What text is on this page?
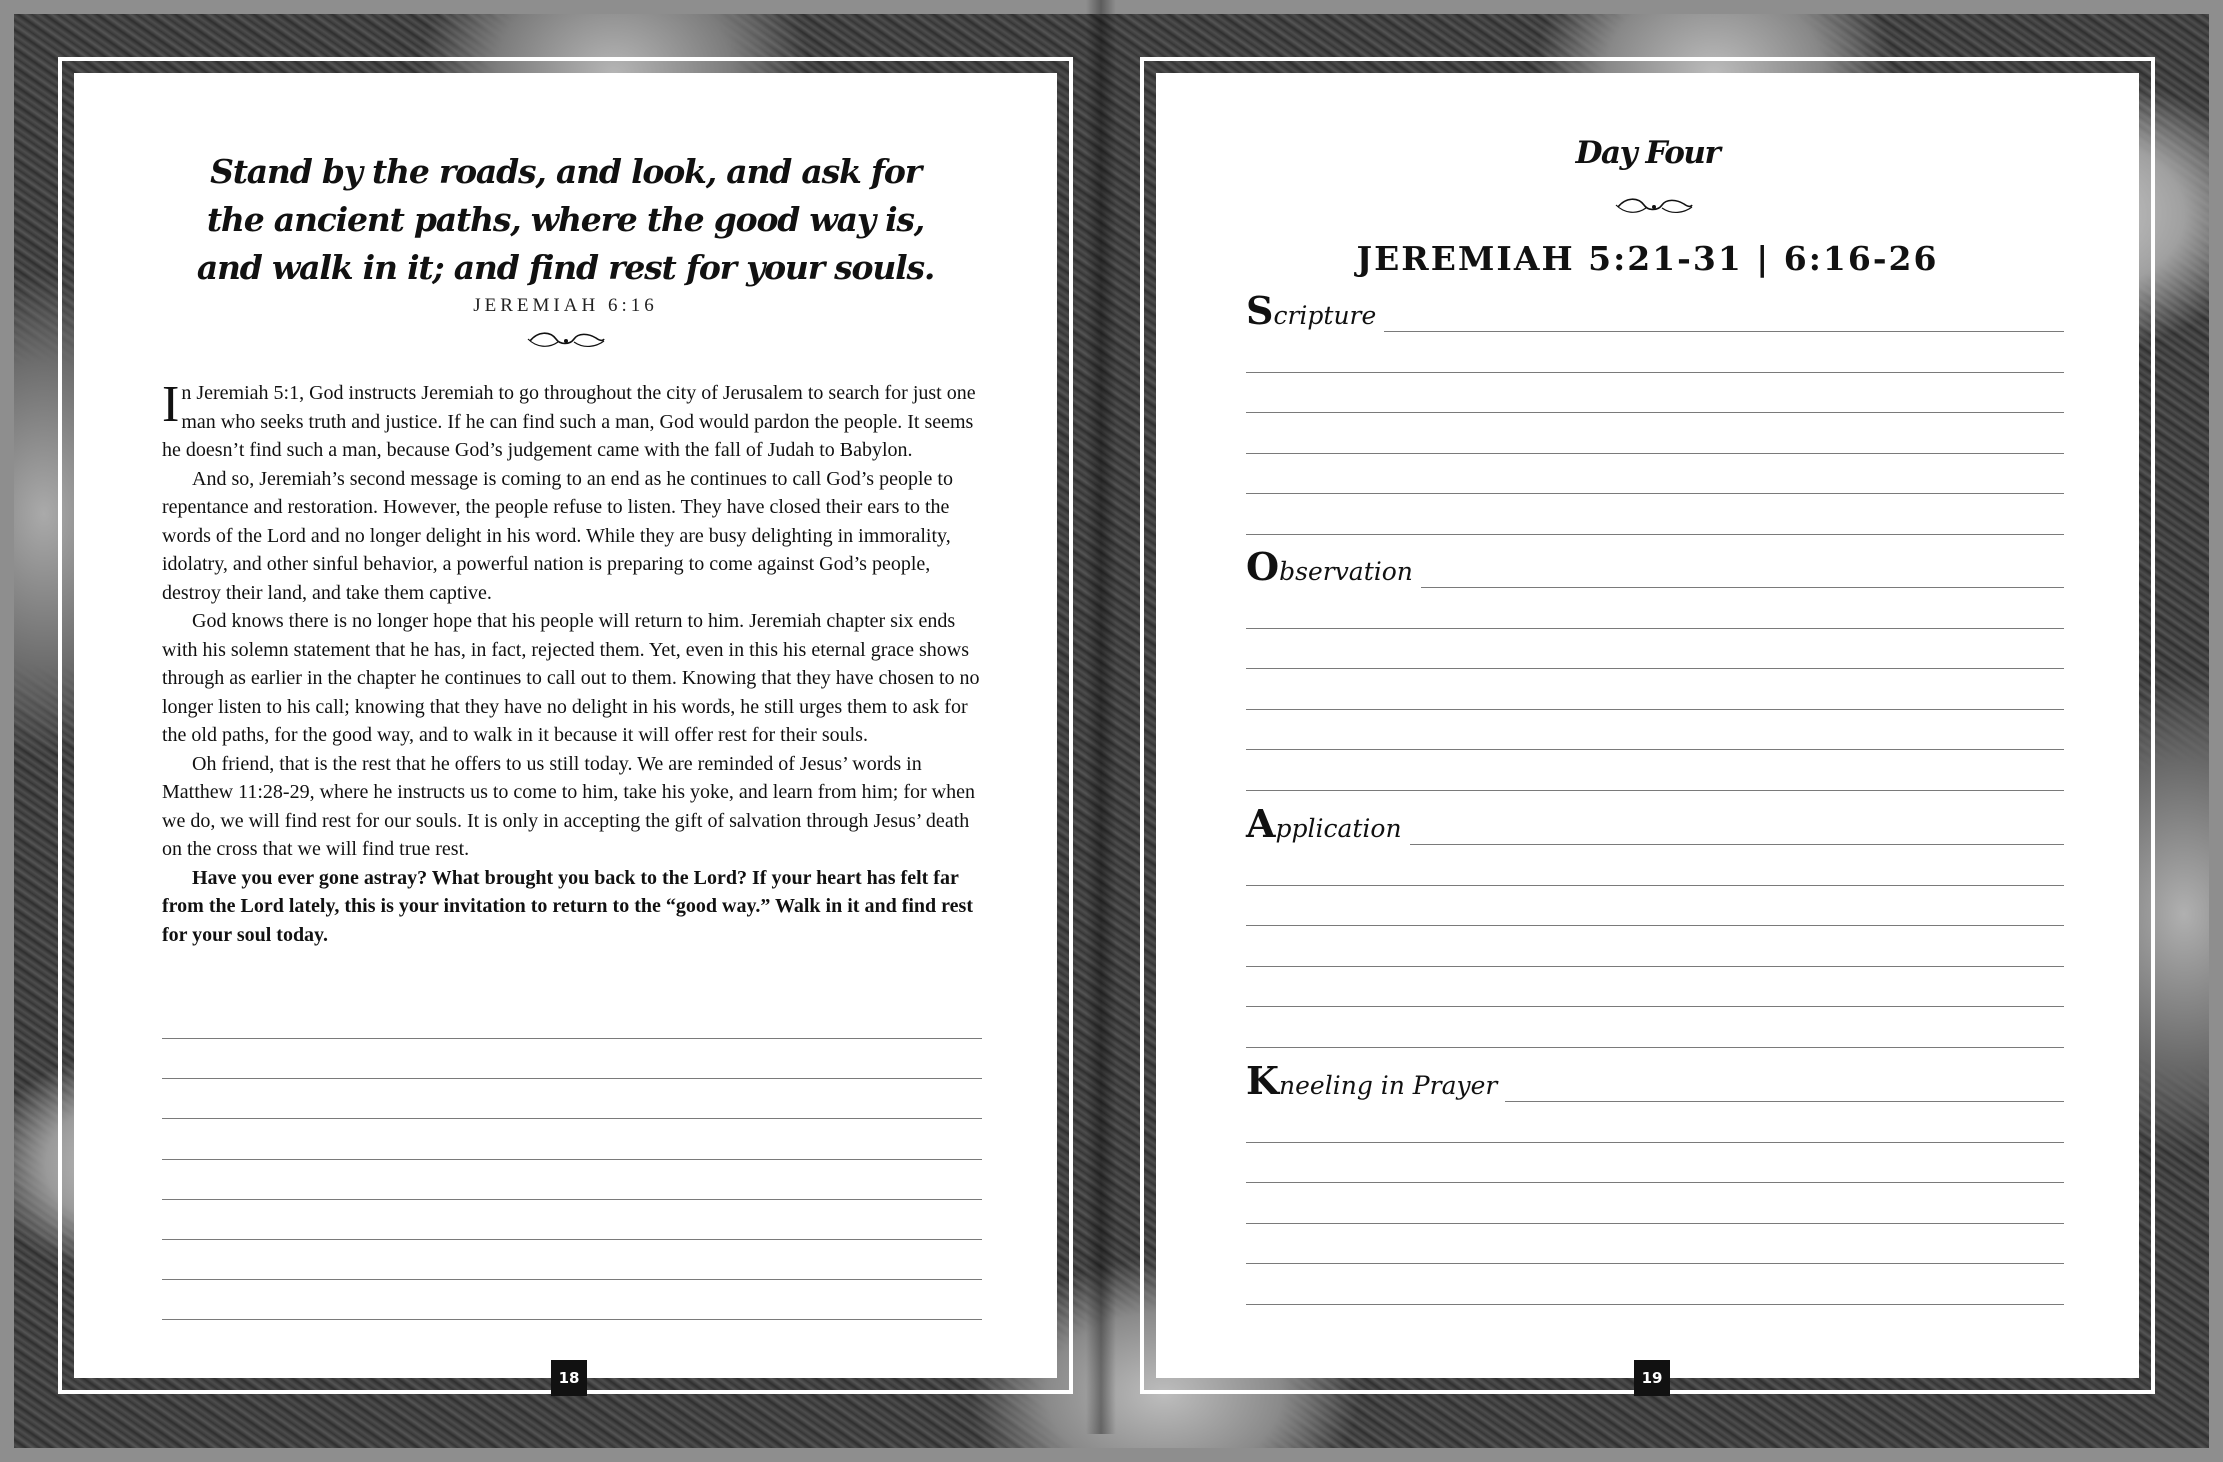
Stand by the roads, and look, and ask for
the ancient paths, where the good way is,
and walk in it; and find rest for your souls.
JEREMIAH 6:16

In Jeremiah 5:1, God instructs Jeremiah to go throughout the city of Jerusalem to search for just one man who seeks truth and justice. If he can find such a man, God would pardon the people. It seems he doesn’t find such a man, because God’s judgement came with the fall of Judah to Babylon.

And so, Jeremiah’s second message is coming to an end as he continues to call God’s people to repentance and restoration. However, the people refuse to listen. They have closed their ears to the words of the Lord and no longer delight in his word. While they are busy delighting in immorality, idolatry, and other sinful behavior, a powerful nation is preparing to come against God’s people, destroy their land, and take them captive.

God knows there is no longer hope that his people will return to him. Jeremiah chapter six ends with his solemn statement that he has, in fact, rejected them. Yet, even in this his eternal grace shows through as earlier in the chapter he continues to call out to them. Knowing that they have chosen to no longer listen to his call; knowing that they have no delight in his words, he still urges them to ask for the old paths, for the good way, and to walk in it because it will offer rest for their souls.

Oh friend, that is the rest that he offers to us still today. We are reminded of Jesus’ words in Matthew 11:28-29, where he instructs us to come to him, take his yoke, and learn from him; for when we do, we will find rest for our souls. It is only in accepting the gift of salvation through Jesus’ death on the cross that we will find true rest.

Have you ever gone astray? What brought you back to the Lord? If your heart has felt far from the Lord lately, this is your invitation to return to the “good way.” Walk in it and find rest for your soul today.

18
Day Four
JEREMIAH 5:21-31 | 6:16-26
Scripture
Observation
Application
Kneeling in Prayer
19
